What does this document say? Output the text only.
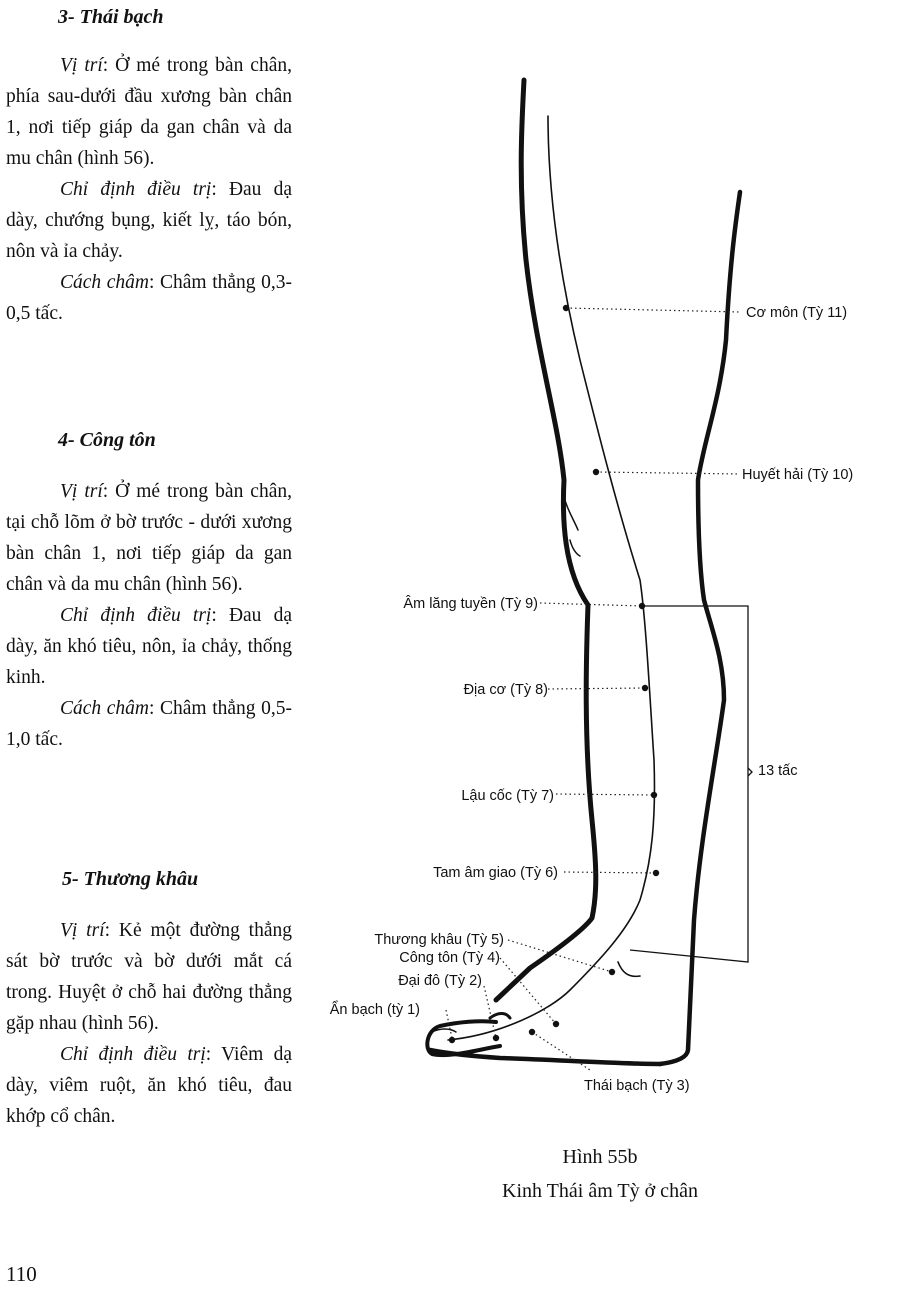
3- Thái bạch

Vị trí: Ở mé trong bàn chân, phía sau-dưới đầu xương bàn chân 1, nơi tiếp giáp da gan chân và da mu chân (hình 56).

Chỉ định điều trị: Đau dạ dày, chướng bụng, kiết lỵ, táo bón, nôn và ỉa chảy.

Cách châm: Châm thẳng 0,3-0,5 tấc.

4- Công tôn

Vị trí: Ở mé trong bàn chân, tại chỗ lõm ở bờ trước - dưới xương bàn chân 1, nơi tiếp giáp da gan chân và da mu chân (hình 56).

Chỉ định điều trị: Đau dạ dày, ăn khó tiêu, nôn, ỉa chảy, thống kinh.

Cách châm: Châm thẳng 0,5-1,0 tấc.

5- Thương khâu

Vị trí: Kẻ một đường thẳng sát bờ trước và bờ dưới mắt cá trong. Huyệt ở chỗ hai đường thẳng gặp nhau (hình 56).

Chỉ định điều trị: Viêm dạ dày, viêm ruột, ăn khó tiêu, đau khớp cổ chân.

110
Cơ môn (Tỳ 11)
Huyết hải (Tỳ 10)
Âm lăng tuyền (Tỳ 9)
Địa cơ (Tỳ 8)
Lậu cốc (Tỳ 7)
Tam âm giao (Tỳ 6)
Thương khâu (Tỳ 5)
Công tôn (Tỳ 4)
Đại đô (Tỳ 2)
Ẩn bạch (tỳ 1)
Thái bạch (Tỳ 3)
13 tấc
Hình 55b
Kinh Thái âm Tỳ ở chân
